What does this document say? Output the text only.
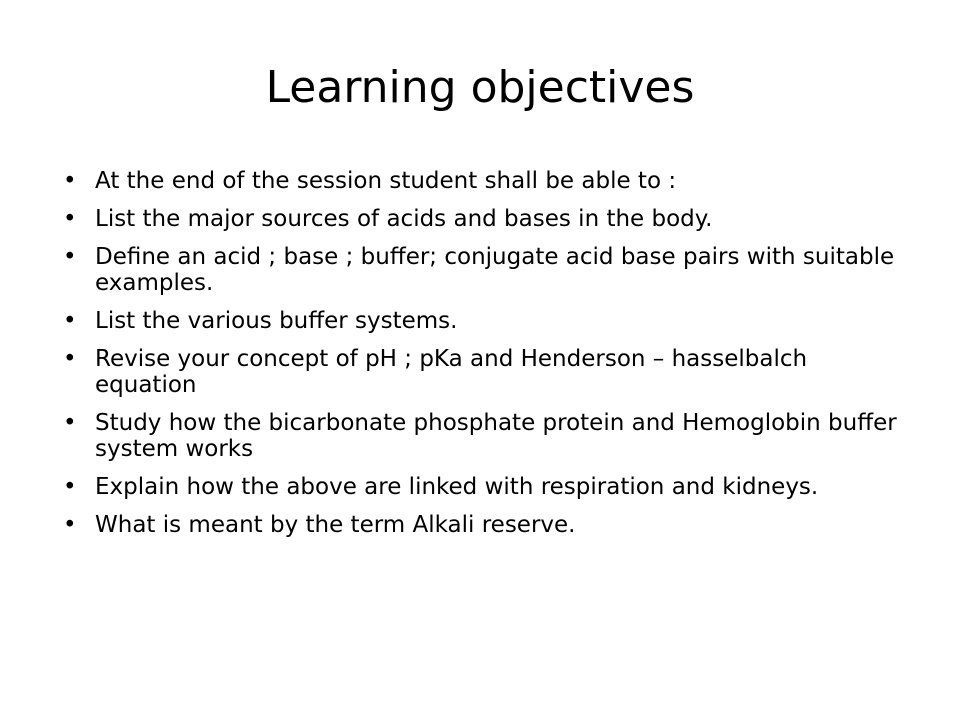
Learning objectives
• At the end of the session student shall be able to :
• List the major sources of acids and bases in the body.
• Define an acid ; base ; buffer; conjugate acid base pairs with suitable examples.
• List the various buffer systems.
• Revise your concept of pH ; pKa and Henderson – hasselbalch equation
• Study how the bicarbonate phosphate protein and Hemoglobin buffer system works
• Explain how the above are linked with respiration and kidneys.
• What is meant by the term Alkali reserve.
